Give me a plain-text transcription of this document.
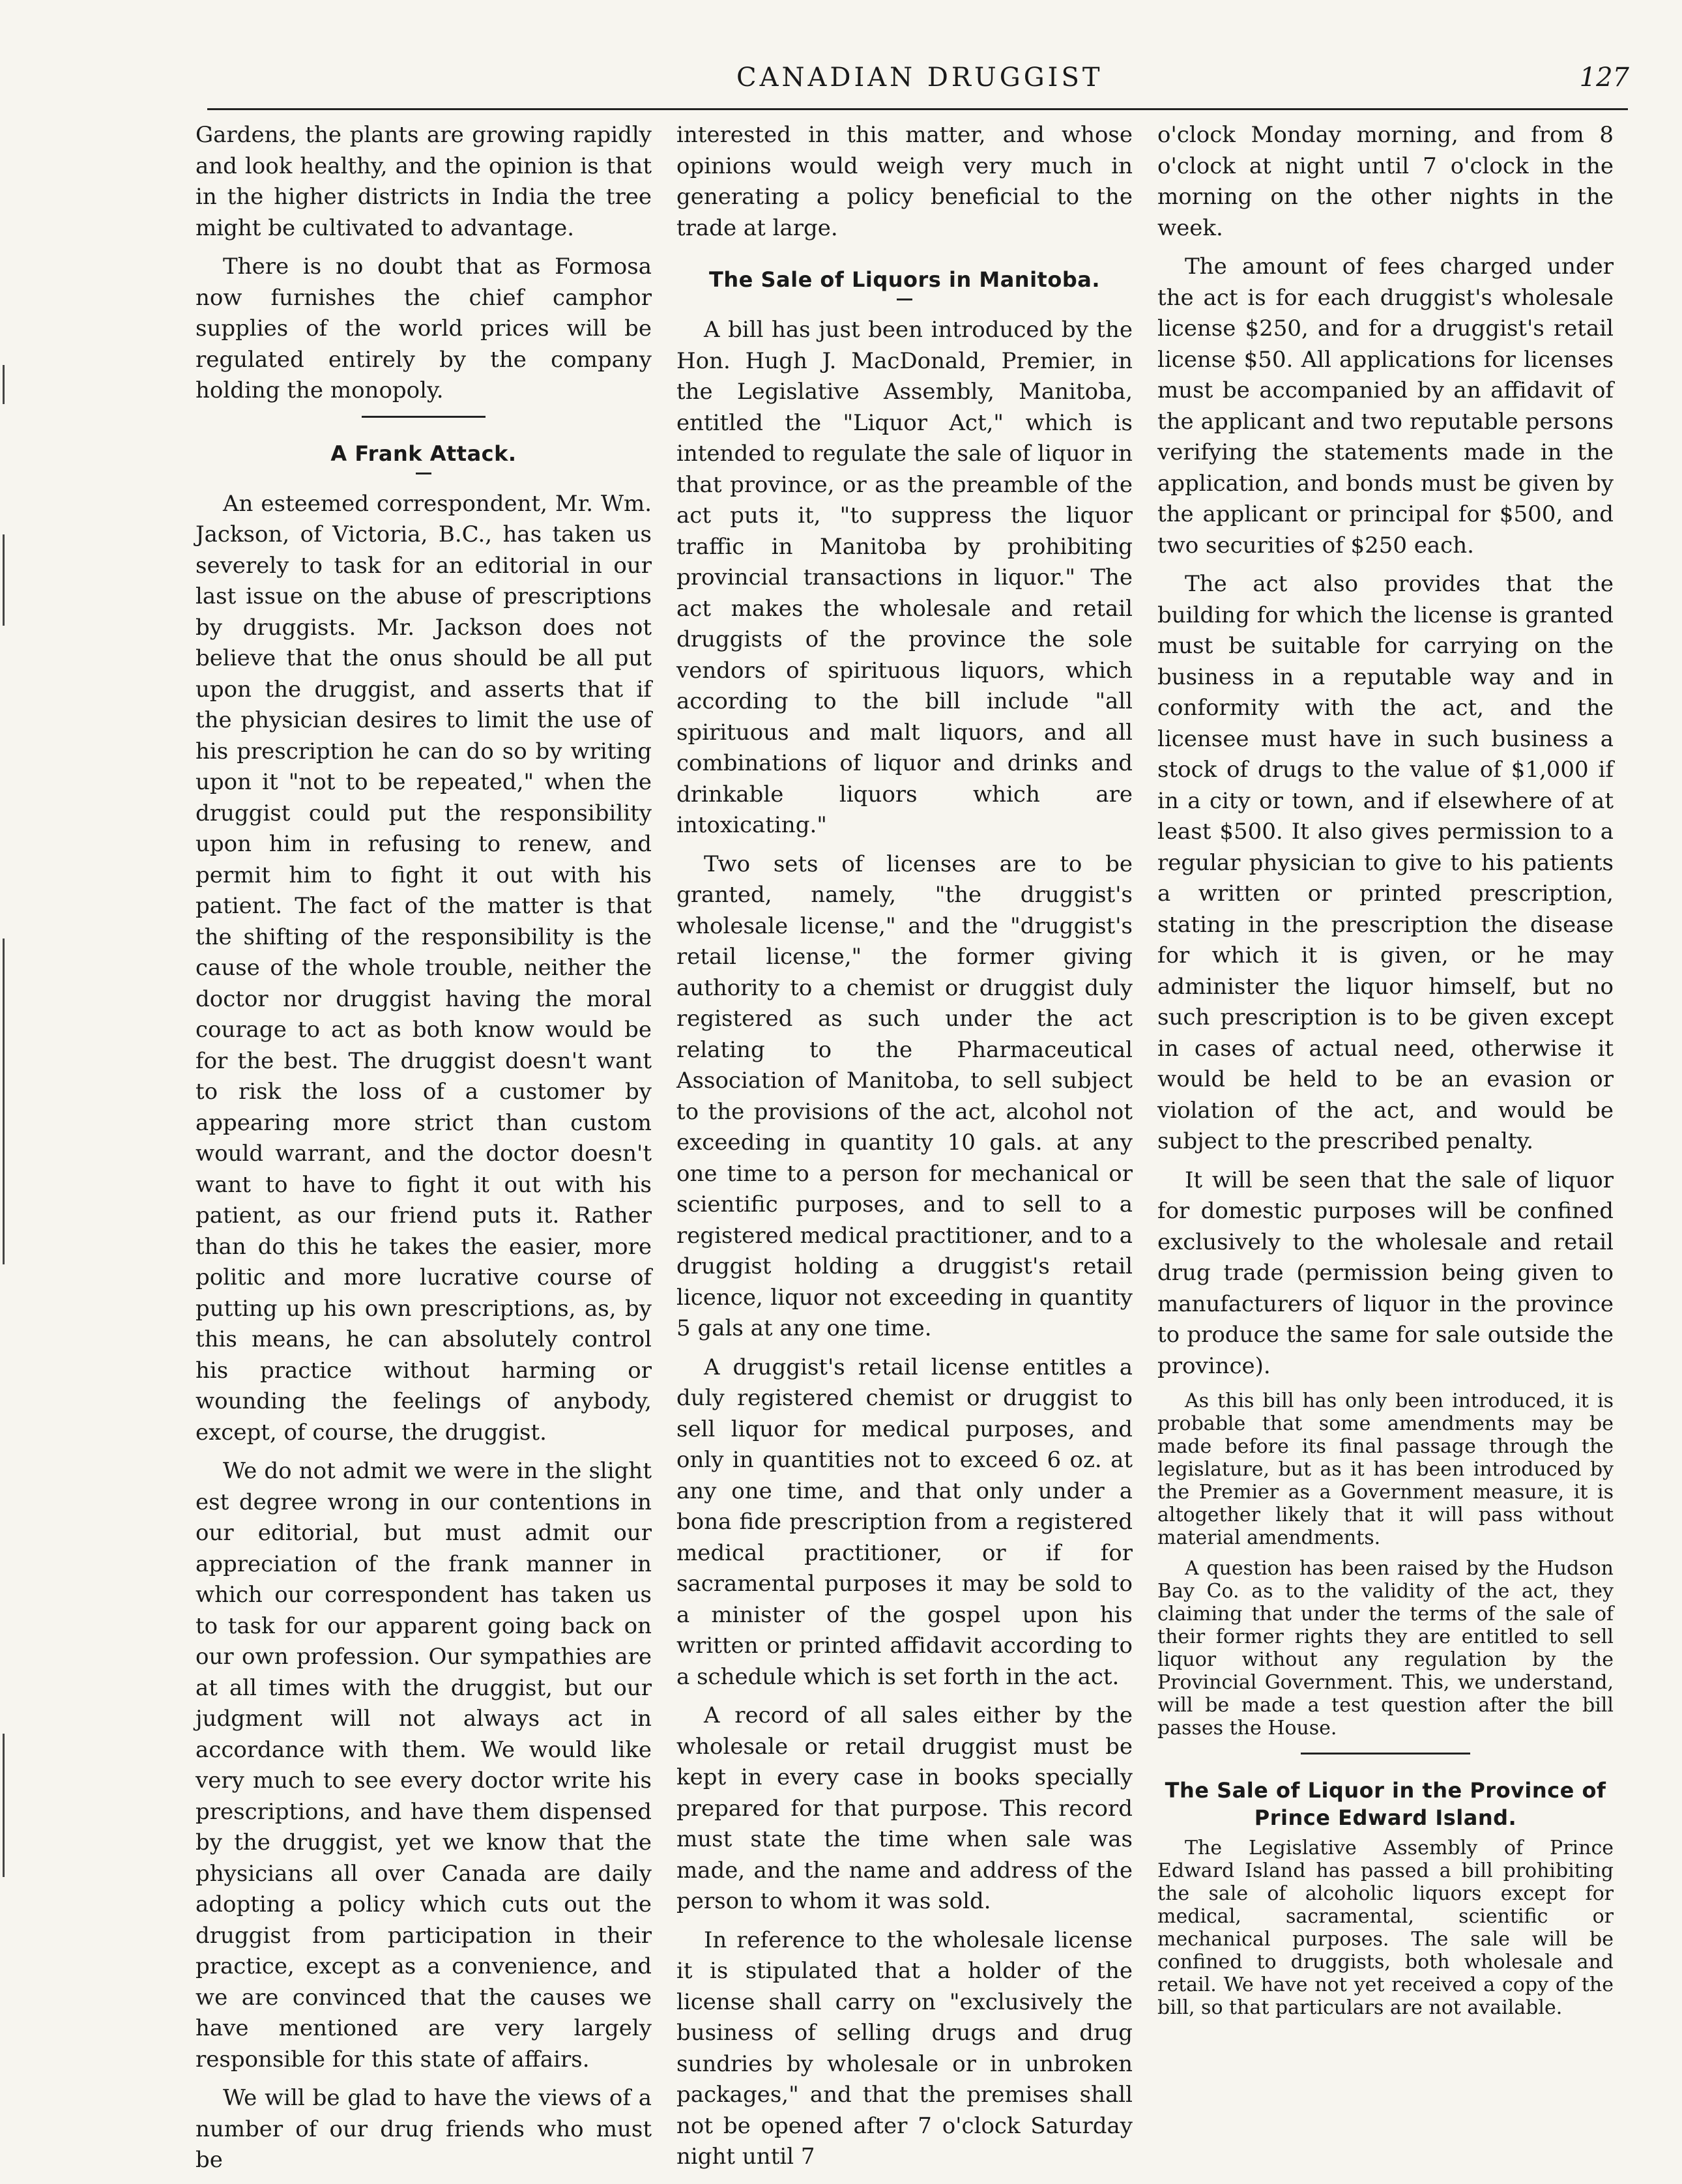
CANADIAN DRUGGIST	127

Gardens, the plants are growing rapidly and look healthy, and the opinion is that in the higher districts in India the tree might be cultivated to advantage.

There is no doubt that as Formosa now furnishes the chief camphor supplies of the world prices will be regulated entirely by the company holding the monopoly.

A Frank Attack.

An esteemed correspondent, Mr. Wm. Jackson, of Victoria, B.C., has taken us severely to task for an editorial in our last issue on the abuse of prescriptions by druggists. Mr. Jackson does not believe that the onus should be all put upon the druggist, and asserts that if the physician desires to limit the use of his prescription he can do so by writing upon it "not to be repeated," when the druggist could put the responsibility upon him in refusing to renew, and permit him to fight it out with his patient. The fact of the matter is that the shifting of the responsibility is the cause of the whole trouble, neither the doctor nor druggist having the moral courage to act as both know would be for the best. The druggist doesn't want to risk the loss of a customer by appearing more strict than custom would warrant, and the doctor doesn't want to have to fight it out with his patient, as our friend puts it. Rather than do this he takes the easier, more politic and more lucrative course of putting up his own prescriptions, as, by this means, he can absolutely control his practice without harming or wounding the feelings of anybody, except, of course, the druggist.

We do not admit we were in the slight est degree wrong in our contentions in our editorial, but must admit our appreciation of the frank manner in which our correspondent has taken us to task for our apparent going back on our own profession. Our sympathies are at all times with the druggist, but our judgment will not always act in accordance with them. We would like very much to see every doctor write his prescriptions, and have them dispensed by the druggist, yet we know that the physicians all over Canada are daily adopting a policy which cuts out the druggist from participation in their practice, except as a convenience, and we are convinced that the causes we have mentioned are very largely responsible for this state of affairs.

We will be glad to have the views of a number of our drug friends who must be

interested in this matter, and whose opinions would weigh very much in generating a policy beneficial to the trade at large.

The Sale of Liquors in Manitoba.

A bill has just been introduced by the Hon. Hugh J. MacDonald, Premier, in the Legislative Assembly, Manitoba, entitled the "Liquor Act," which is intended to regulate the sale of liquor in that province, or as the preamble of the act puts it, "to suppress the liquor traffic in Manitoba by prohibiting provincial transactions in liquor." The act makes the wholesale and retail druggists of the province the sole vendors of spirituous liquors, which according to the bill include "all spirituous and malt liquors, and all combinations of liquor and drinks and drinkable liquors which are intoxicating."

Two sets of licenses are to be granted, namely, "the druggist's wholesale license," and the "druggist's retail license," the former giving authority to a chemist or druggist duly registered as such under the act relating to the Pharmaceutical Association of Manitoba, to sell subject to the provisions of the act, alcohol not exceeding in quantity 10 gals. at any one time to a person for mechanical or scientific purposes, and to sell to a registered medical practitioner, and to a druggist holding a druggist's retail licence, liquor not exceeding in quantity 5 gals at any one time.

A druggist's retail license entitles a duly registered chemist or druggist to sell liquor for medical purposes, and only in quantities not to exceed 6 oz. at any one time, and that only under a bona fide prescription from a registered medical practitioner, or if for sacramental purposes it may be sold to a minister of the gospel upon his written or printed affidavit according to a schedule which is set forth in the act.

A record of all sales either by the wholesale or retail druggist must be kept in every case in books specially prepared for that purpose. This record must state the time when sale was made, and the name and address of the person to whom it was sold.

In reference to the wholesale license it is stipulated that a holder of the license shall carry on "exclusively the business of selling drugs and drug sundries by wholesale or in unbroken packages," and that the premises shall not be opened after 7 o'clock Saturday night until 7

o'clock Monday morning, and from 8 o'clock at night until 7 o'clock in the morning on the other nights in the week.

The amount of fees charged under the act is for each druggist's wholesale license $250, and for a druggist's retail license $50. All applications for licenses must be accompanied by an affidavit of the applicant and two reputable persons verifying the statements made in the application, and bonds must be given by the applicant or principal for $500, and two securities of $250 each.

The act also provides that the building for which the license is granted must be suitable for carrying on the business in a reputable way and in conformity with the act, and the licensee must have in such business a stock of drugs to the value of $1,000 if in a city or town, and if elsewhere of at least $500. It also gives permission to a regular physician to give to his patients a written or printed prescription, stating in the prescription the disease for which it is given, or he may administer the liquor himself, but no such prescription is to be given except in cases of actual need, otherwise it would be held to be an evasion or violation of the act, and would be subject to the prescribed penalty.

It will be seen that the sale of liquor for domestic purposes will be confined exclusively to the wholesale and retail drug trade (permission being given to manufacturers of liquor in the province to produce the same for sale outside the province).

As this bill has only been introduced, it is probable that some amendments may be made before its final passage through the legislature, but as it has been introduced by the Premier as a Government measure, it is altogether likely that it will pass without material amendments.

A question has been raised by the Hudson Bay Co. as to the validity of the act, they claiming that under the terms of the sale of their former rights they are entitled to sell liquor without any regulation by the Provincial Government. This, we understand, will be made a test question after the bill passes the House.

The Sale of Liquor in the Province of Prince Edward Island.

The Legislative Assembly of Prince Edward Island has passed a bill prohibiting the sale of alcoholic liquors except for medical, sacramental, scientific or mechanical purposes. The sale will be confined to druggists, both wholesale and retail. We have not yet received a copy of the bill, so that particulars are not available.
